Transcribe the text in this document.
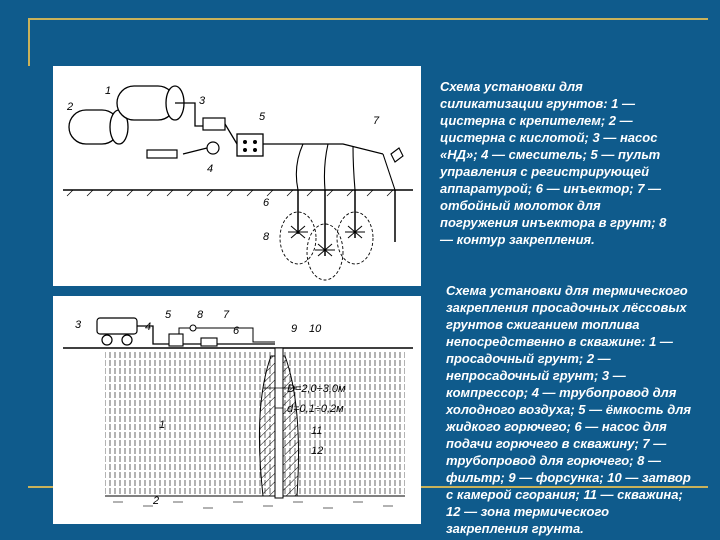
1
2	3
4
5
6
7
8
1
2
3	4
5
6
7
8
9 10
11
12
D=2,0÷3,0м
d=0,1÷0,2м
Схема установки для
силикатизации грунтов: 1 —
цистерна с крепителем; 2 —
цистерна с кислотой; 3 — насос
«НД»; 4 — смеситель; 5 — пульт
управления с регистрирующей
аппаратурой; 6 — инъектор; 7 —
отбойный молоток для
погружения инъектора в грунт; 8
— контур закрепления.
Схема установки для термического
закрепления просадочных лёссовых
грунтов сжиганием топлива
непосредственно в скважине: 1 —
просадочный грунт; 2 —
непросадочный грунт; 3 —
компрессор; 4 — трубопровод для
холодного воздуха; 5 — ёмкость для
жидкого горючего; 6 — насос для
подачи горючего в скважину; 7 —
трубопровод для горючего; 8 —
фильтр; 9 — форсунка; 10 — затвор
с камерой сгорания; 11 — скважина;
12 — зона термического
закрепления грунта.
